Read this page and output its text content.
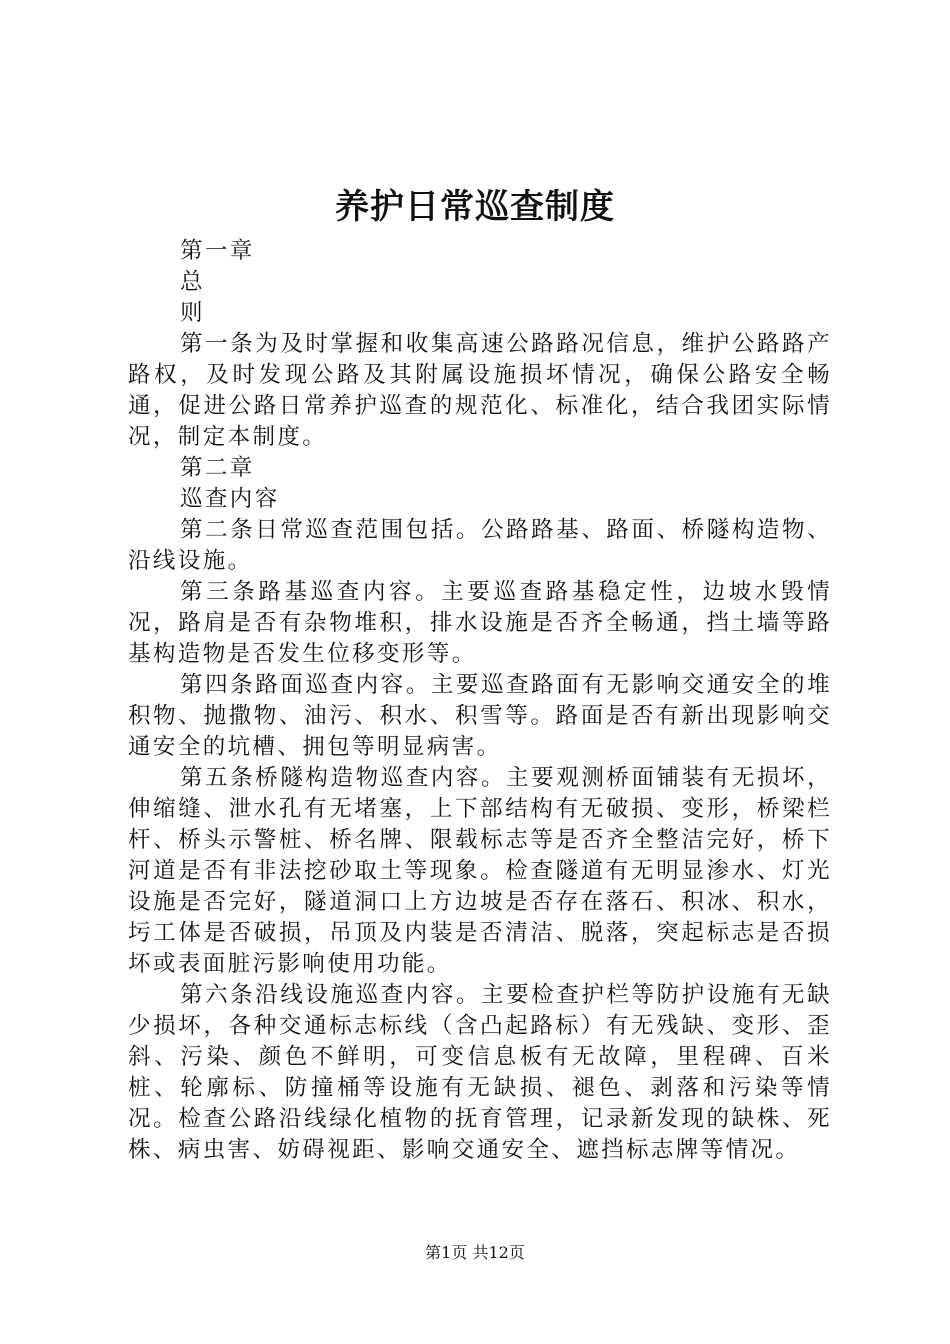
养护日常巡查制度

第一章

总

则

第一条为及时掌握和收集高速公路路况信息，维护公路路产路权，及时发现公路及其附属设施损坏情况，确保公路安全畅通，促进公路日常养护巡查的规范化、标准化，结合我团实际情况，制定本制度。

第二章

巡查内容

第二条日常巡查范围包括。公路路基、路面、桥隧构造物、沿线设施。

第三条路基巡查内容。主要巡查路基稳定性，边坡水毁情况，路肩是否有杂物堆积，排水设施是否齐全畅通，挡土墙等路基构造物是否发生位移变形等。

第四条路面巡查内容。主要巡查路面有无影响交通安全的堆积物、抛撒物、油污、积水、积雪等。路面是否有新出现影响交通安全的坑槽、拥包等明显病害。

第五条桥隧构造物巡查内容。主要观测桥面铺装有无损坏，伸缩缝、泄水孔有无堵塞，上下部结构有无破损、变形，桥梁栏杆、桥头示警桩、桥名牌、限载标志等是否齐全整洁完好，桥下河道是否有非法挖砂取土等现象。检查隧道有无明显渗水、灯光设施是否完好，隧道洞口上方边坡是否存在落石、积冰、积水，圬工体是否破损，吊顶及内装是否清洁、脱落，突起标志是否损坏或表面脏污影响使用功能。

第六条沿线设施巡查内容。主要检查护栏等防护设施有无缺少损坏，各种交通标志标线（含凸起路标）有无残缺、变形、歪斜、污染、颜色不鲜明，可变信息板有无故障，里程碑、百米桩、轮廓标、防撞桶等设施有无缺损、褪色、剥落和污染等情况。检查公路沿线绿化植物的抚育管理，记录新发现的缺株、死株、病虫害、妨碍视距、影响交通安全、遮挡标志牌等情况。

第1页 共12页
